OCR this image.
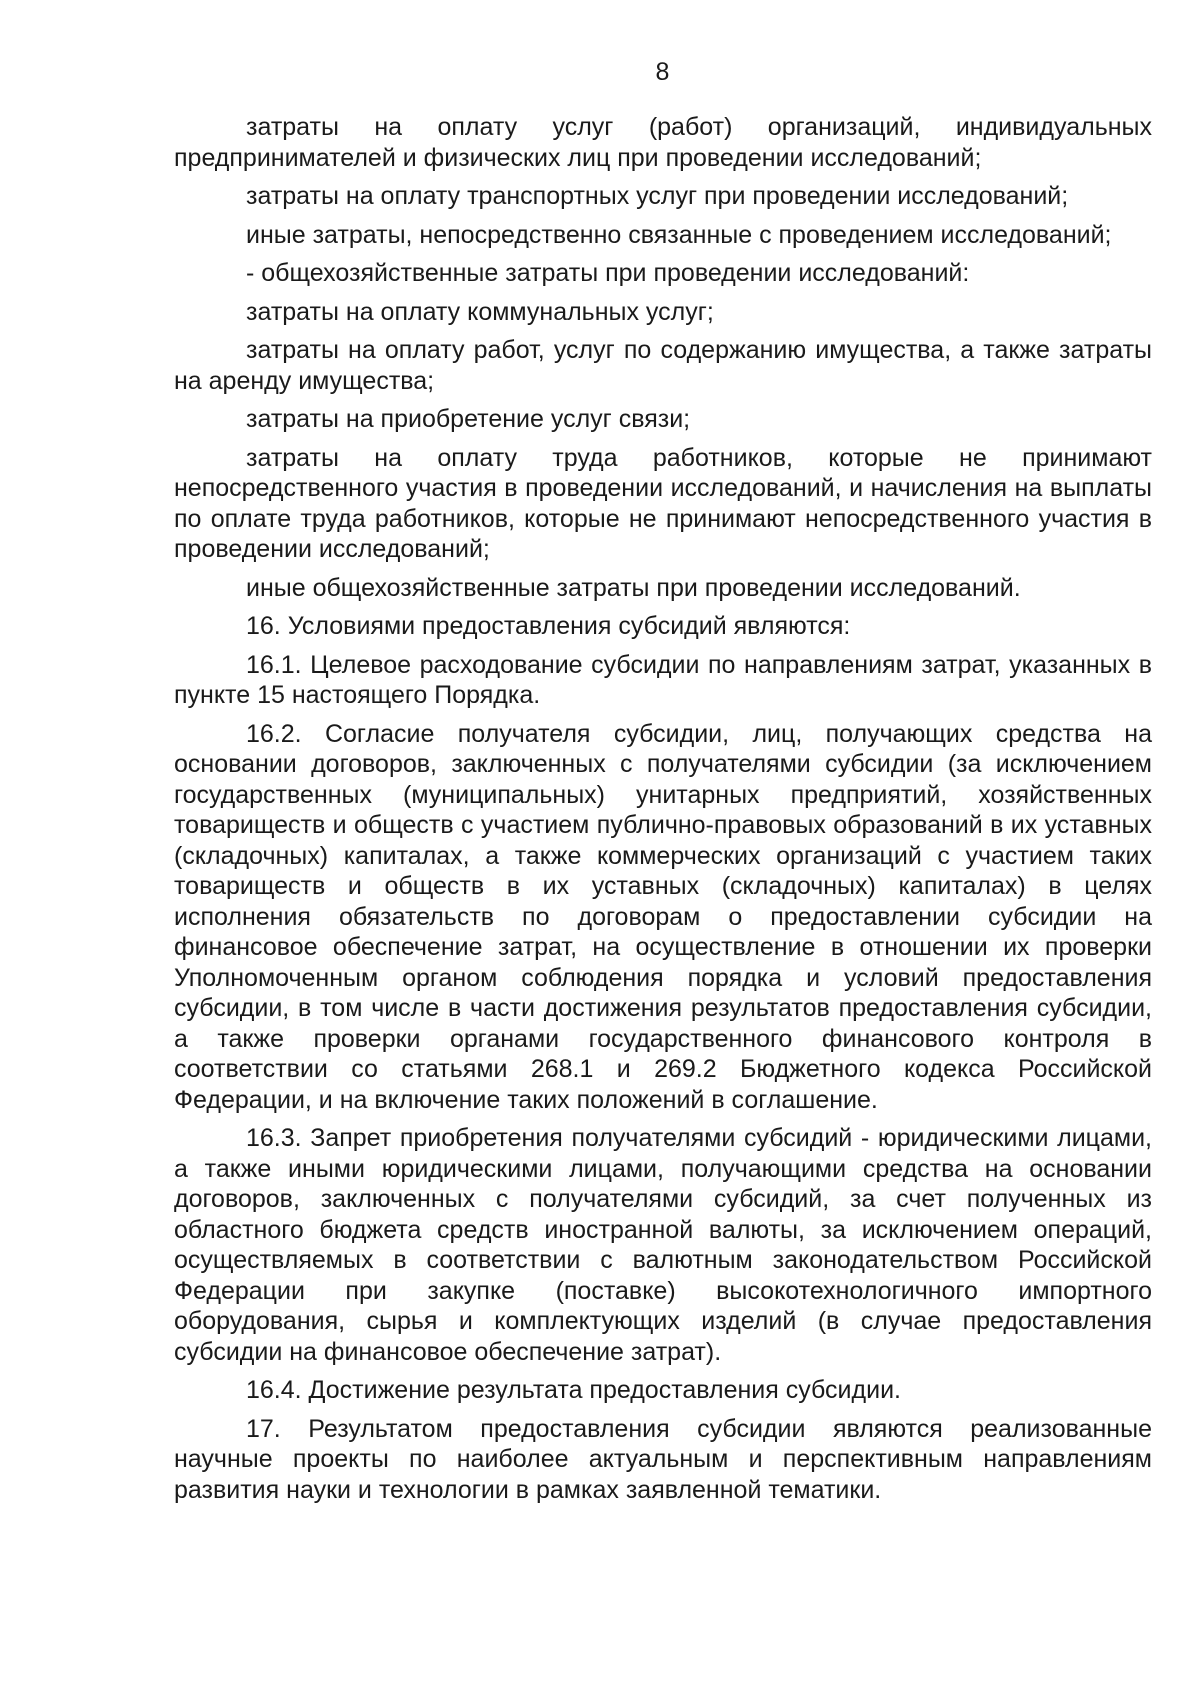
8

затраты на оплату услуг (работ) организаций, индивидуальных предпринимателей и физических лиц при проведении исследований;

затраты на оплату транспортных услуг при проведении исследований;

иные затраты, непосредственно связанные с проведением исследований;

- общехозяйственные затраты при проведении исследований:

затраты на оплату коммунальных услуг;

затраты на оплату работ, услуг по содержанию имущества, а также затраты на аренду имущества;

затраты на приобретение услуг связи;

затраты на оплату труда работников, которые не принимают непосредственного участия в проведении исследований, и начисления на выплаты по оплате труда работников, которые не принимают непосредственного участия в проведении исследований;

иные общехозяйственные затраты при проведении исследований.

16. Условиями предоставления субсидий являются:

16.1. Целевое расходование субсидии по направлениям затрат, указанных в пункте 15 настоящего Порядка.

16.2. Согласие получателя субсидии, лиц, получающих средства на основании договоров, заключенных с получателями субсидии (за исключением государственных (муниципальных) унитарных предприятий, хозяйственных товариществ и обществ с участием публично-правовых образований в их уставных (складочных) капиталах, а также коммерческих организаций с участием таких товариществ и обществ в их уставных (складочных) капиталах) в целях исполнения обязательств по договорам о предоставлении субсидии на финансовое обеспечение затрат, на осуществление в отношении их проверки Уполномоченным органом соблюдения порядка и условий предоставления субсидии, в том числе в части достижения результатов предоставления субсидии, а также проверки органами государственного финансового контроля в соответствии со статьями 268.1 и 269.2 Бюджетного кодекса Российской Федерации, и на включение таких положений в соглашение.

16.3. Запрет приобретения получателями субсидий - юридическими лицами, а также иными юридическими лицами, получающими средства на основании договоров, заключенных с получателями субсидий, за счет полученных из областного бюджета средств иностранной валюты, за исключением операций, осуществляемых в соответствии с валютным законодательством Российской Федерации при закупке (поставке) высокотехнологичного импортного оборудования, сырья и комплектующих изделий (в случае предоставления субсидии на финансовое обеспечение затрат).

16.4. Достижение результата предоставления субсидии.

17. Результатом предоставления субсидии являются реализованные научные проекты по наиболее актуальным и перспективным направлениям развития науки и технологии в рамках заявленной тематики.
